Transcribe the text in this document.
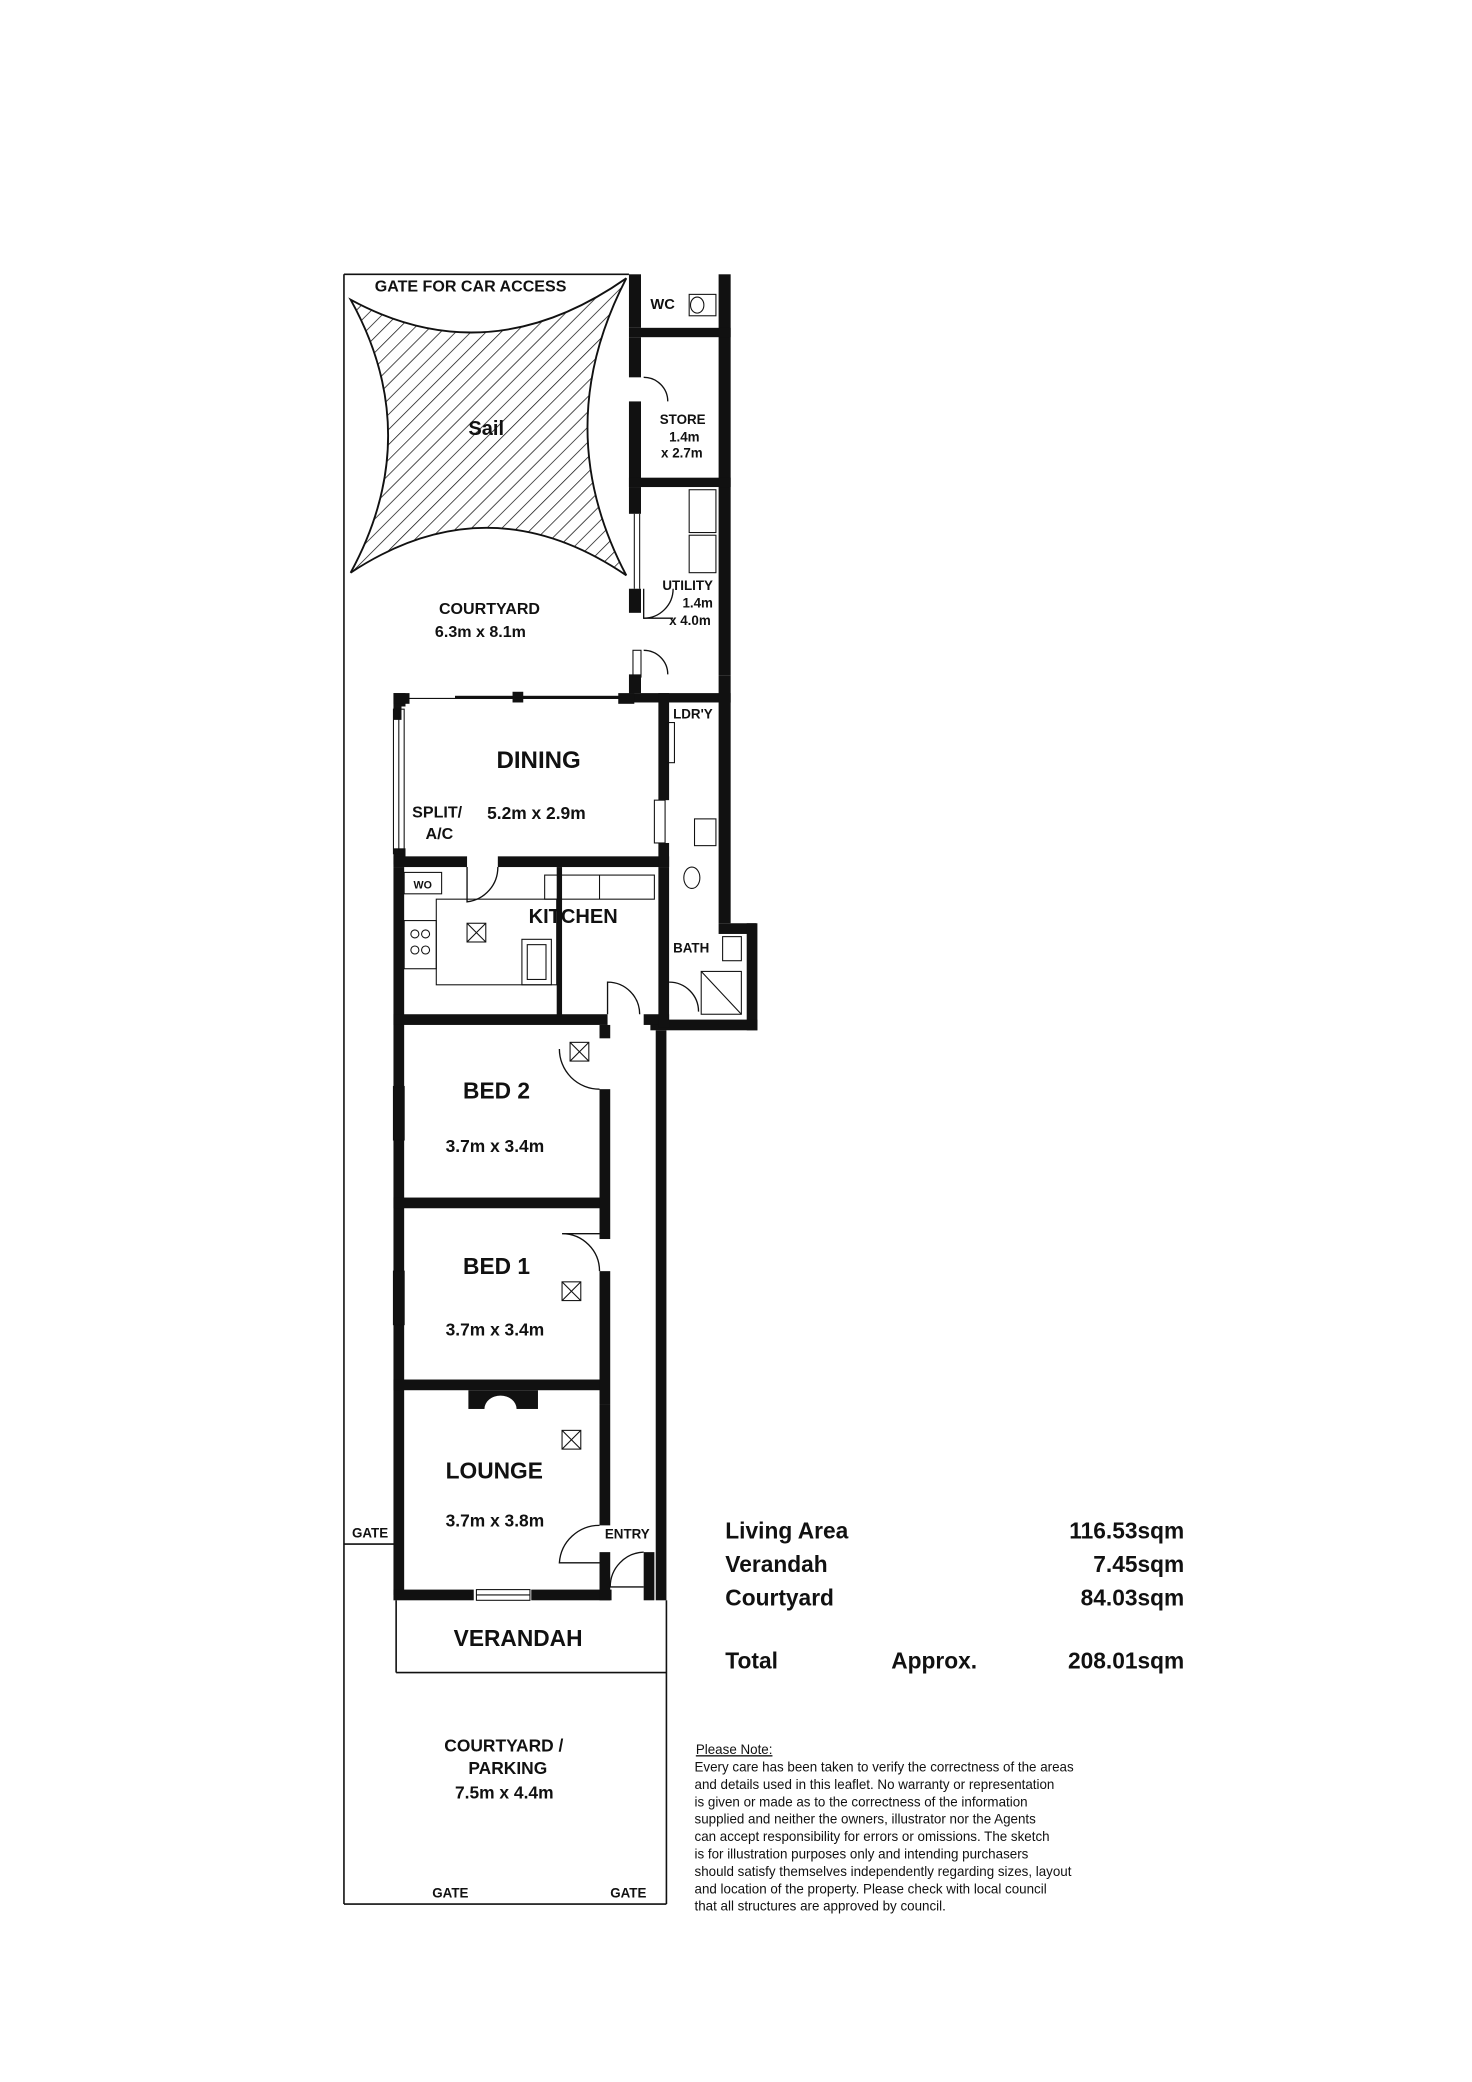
GATE FOR CAR ACCESS
WC
Sail	STORE
1.4m
x 2.7m
UTILITY
1.4m
x 4.0m
COURTYARD
6.3m x 8.1m
LDR'Y
DINING
5.2m x 2.9m
SPLIT/
A/C
WO
KITCHEN
BATH
BED 2
3.7m x 3.4m
BED 1
3.7m x 3.4m
LOUNGE
3.7m x 3.8m
GATE	ENTRY
VERANDAH
COURTYARD /
PARKING
7.5m x 4.4m
GATE	GATE
Living Area	116.53sqm
Verandah	7.45sqm
Courtyard	84.03sqm
Total	Approx.	208.01sqm
Please Note:
Every care has been taken to verify the correctness of the areas
and details used in this leaflet. No warranty or representation
is given or made as to the correctness of the information
supplied and neither the owners, illustrator nor the Agents
can accept responsibility for errors or omissions. The sketch
is for illustration purposes only and intending purchasers
should satisfy themselves independently regarding sizes, layout
and location of the property. Please check with local council
that all structures are approved by council.
